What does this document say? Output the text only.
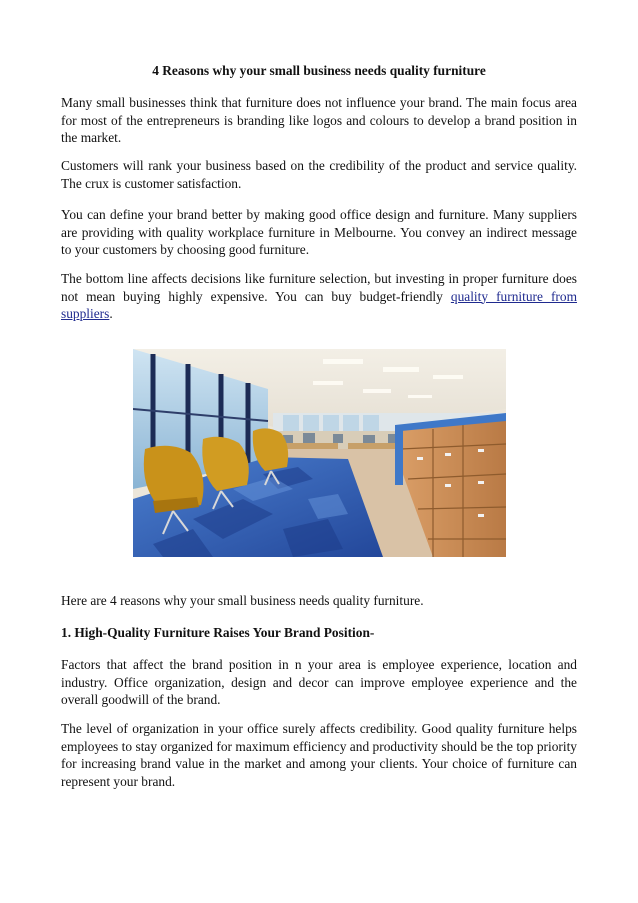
4 Reasons why your small business needs quality furniture

Many small businesses think that furniture does not influence your brand. The main focus area for most of the entrepreneurs is branding like logos and colours to develop a brand position in the market.

Customers will rank your business based on the credibility of the product and service quality. The crux is customer satisfaction.

You can define your brand better by making good office design and furniture. Many suppliers are providing with quality workplace furniture in Melbourne. You convey an indirect message to your customers by choosing good furniture.

The bottom line affects decisions like furniture selection, but investing in proper furniture does not mean buying highly expensive. You can buy budget-friendly quality furniture from suppliers.

Here are 4 reasons why your small business needs quality furniture.

1. High-Quality Furniture Raises Your Brand Position-

Factors that affect the brand position in n your area is employee experience, location and industry. Office organization, design and decor can improve employee experience and the overall goodwill of the brand.

The level of organization in your office surely affects credibility. Good quality furniture helps employees to stay organized for maximum efficiency and productivity should be the top priority for increasing brand value in the market and among your clients. Your choice of furniture can represent your brand.
